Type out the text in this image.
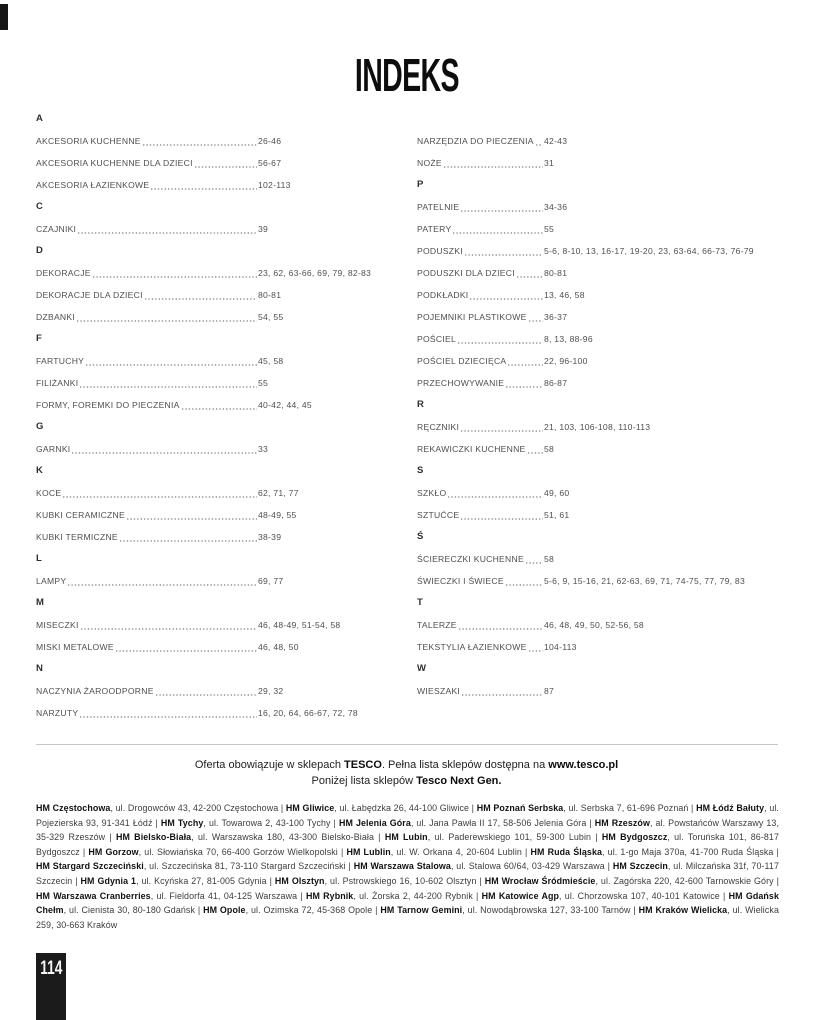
INDEKS
A
AKCESORIA KUCHENNE	26-46
AKCESORIA KUCHENNE DLA DZIECI	56-67
AKCESORIA ŁAZIENKOWE	102-113
C
CZAJNIKI	39
D
DEKORACJE	23, 62, 63-66, 69, 79, 82-83
DEKORACJE DLA DZIECI	80-81
DZBANKI	54, 55
F
FARTUCHY	45, 58
FILIŻANKI	55
FORMY, FOREMKI DO PIECZENIA	40-42, 44, 45
G
GARNKI	33
K
KOCE	62, 71, 77
KUBKI CERAMICZNE	48-49, 55
KUBKI TERMICZNE	38-39
L
LAMPY	69, 77
M
MISECZKI	46, 48-49, 51-54, 58
MISKI METALOWE	46, 48, 50
N
NACZYNIA ŻAROODPORNE	29, 32
NARZUTY	16, 20, 64, 66-67, 72, 78
NARZĘDZIA DO PIECZENIA 42-43
NOŻE	31
P
PATELNIE	34-36
PATERY	55
PODUSZKI	5-6, 8-10, 13, 16-17, 19-20, 23, 63-64, 66-73, 76-79
PODUSZKI DLA DZIECI	80-81
PODKŁADKI	13, 46, 58
POJEMNIKI PLASTIKOWE 36-37
POŚCIEL	8, 13, 88-96
POŚCIEL DZIECIĘCA	22, 96-100
PRZECHOWYWANIE	86-87
R
RĘCZNIKI	21, 103, 106-108, 110-113
REKAWICZKI KUCHENNE 58
S
SZKŁO	49, 60
SZTUĆCE	51, 61
Ś
ŚCIERECZKI KUCHENNE 58
ŚWIECZKI I ŚWIECE	5-6, 9, 15-16, 21, 62-63, 69, 71, 74-75, 77, 79, 83
T
TALERZE	46, 48, 49, 50, 52-56, 58
TEKSTYLIA ŁAZIENKOWE 104-113
W
WIESZAKI	87
Oferta obowiązuje w sklepach TESCO. Pełna lista sklepów dostępna na www.tesco.pl
Poniżej lista sklepów Tesco Next Gen.
HM Częstochowa, ul. Drogowców 43, 42-200 Częstochowa | HM Gliwice, ul. Łabędzka 26, 44-100 Gliwice | HM Poznań Serbska, ul. Serbska 7, 61-696 Poznań | HM Łódź Bałuty, ul. Pojezierska 93, 91-341 Łódź | HM Tychy, ul. Towarowa 2, 43-100 Tychy | HM Jelenia Góra, ul. Jana Pawła II 17, 58-506 Jelenia Góra | HM Rzeszów, al. Powstańców Warszawy 13, 35-329 Rzeszów | HM Bielsko-Biała, ul. Warszawska 180, 43-300 Bielsko-Biała | HM Lubin, ul. Paderewskiego 101, 59-300 Lubin | HM Bydgoszcz, ul. Toruńska 101, 86-817 Bydgoszcz | HM Gorzow, ul. Słowiańska 70, 66-400 Gorzów Wielkopolski | HM Lublin, ul. W. Orkana 4, 20-604 Lublin | HM Ruda Śląska, ul. 1-go Maja 370a, 41-700 Ruda Śląska | HM Stargard Szczeciński, ul. Szczecińska 81, 73-110 Stargard Szczeciński | HM Warszawa Stalowa, ul. Stalowa 60/64, 03-429 Warszawa | HM Szczecin, ul. Milczańska 31f, 70-117 Szczecin | HM Gdynia 1, ul. Kcyńska 27, 81-005 Gdynia | HM Olsztyn, ul. Pstrowskiego 16, 10-602 Olsztyn | HM Wrocław Śródmieście, ul. Zagórska 220, 42-600 Tarnowskie Góry | HM Warszawa Cranberries, ul. Fieldorfa 41, 04-125 Warszawa | HM Rybnik, ul. Żorska 2, 44-200 Rybnik | HM Katowice Agp, ul. Chorzowska 107, 40-101 Katowice | HM Gdańsk Chełm, ul. Cienista 30, 80-180 Gdańsk | HM Opole, ul. Ozimska 72, 45-368 Opole | HM Tarnow Gemini, ul. Nowodąbrowska 127, 33-100 Tarnów | HM Kraków Wielicka, ul. Wielicka 259, 30-663 Kraków
114
